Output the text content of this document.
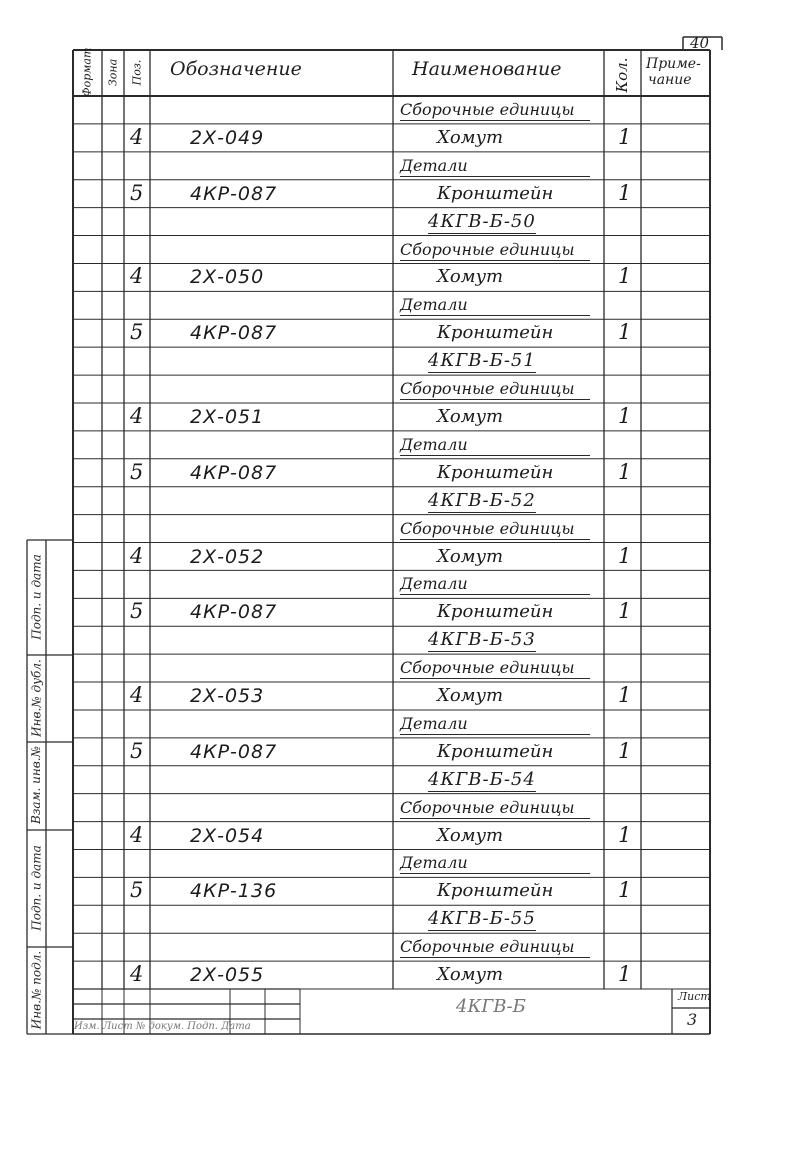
40
Формат Зона Поз. Обозначение	Наименование	Кол. Приме-
чание
Сборочные единицы
4 2Х-049	Хомут	1
Детали
5 4КР-087	Кронштейн	1
4КГВ-Б-50
Сборочные единицы
4 2Х-050	Хомут	1
Детали
5 4КР-087	Кронштейн	1
4КГВ-Б-51
Сборочные единицы
4 2Х-051	Хомут	1
Детали
5 4КР-087	Кронштейн	1
4КГВ-Б-52
Сборочные единицы
4 2Х-052	Хомут	1
Детали
5 4КР-087	Кронштейн	1
4КГВ-Б-53
Сборочные единицы
4 2Х-053	Хомут	1
Детали
5 4КР-087	Кронштейн	1
4КГВ-Б-54
Сборочные единицы
4 2Х-054	Хомут	1
Детали
5 4КР-136	Кронштейн	1
4КГВ-Б-55
Сборочные единицы
4 2Х-055	Хомут	1
4КГВ-Б	Лист
3
Изм. Лист № докум. Подп. Дата
Подп. и дата
Инв.№ дубл.
Взам. инв.№
Подп. и дата
Инв.№ подл.
